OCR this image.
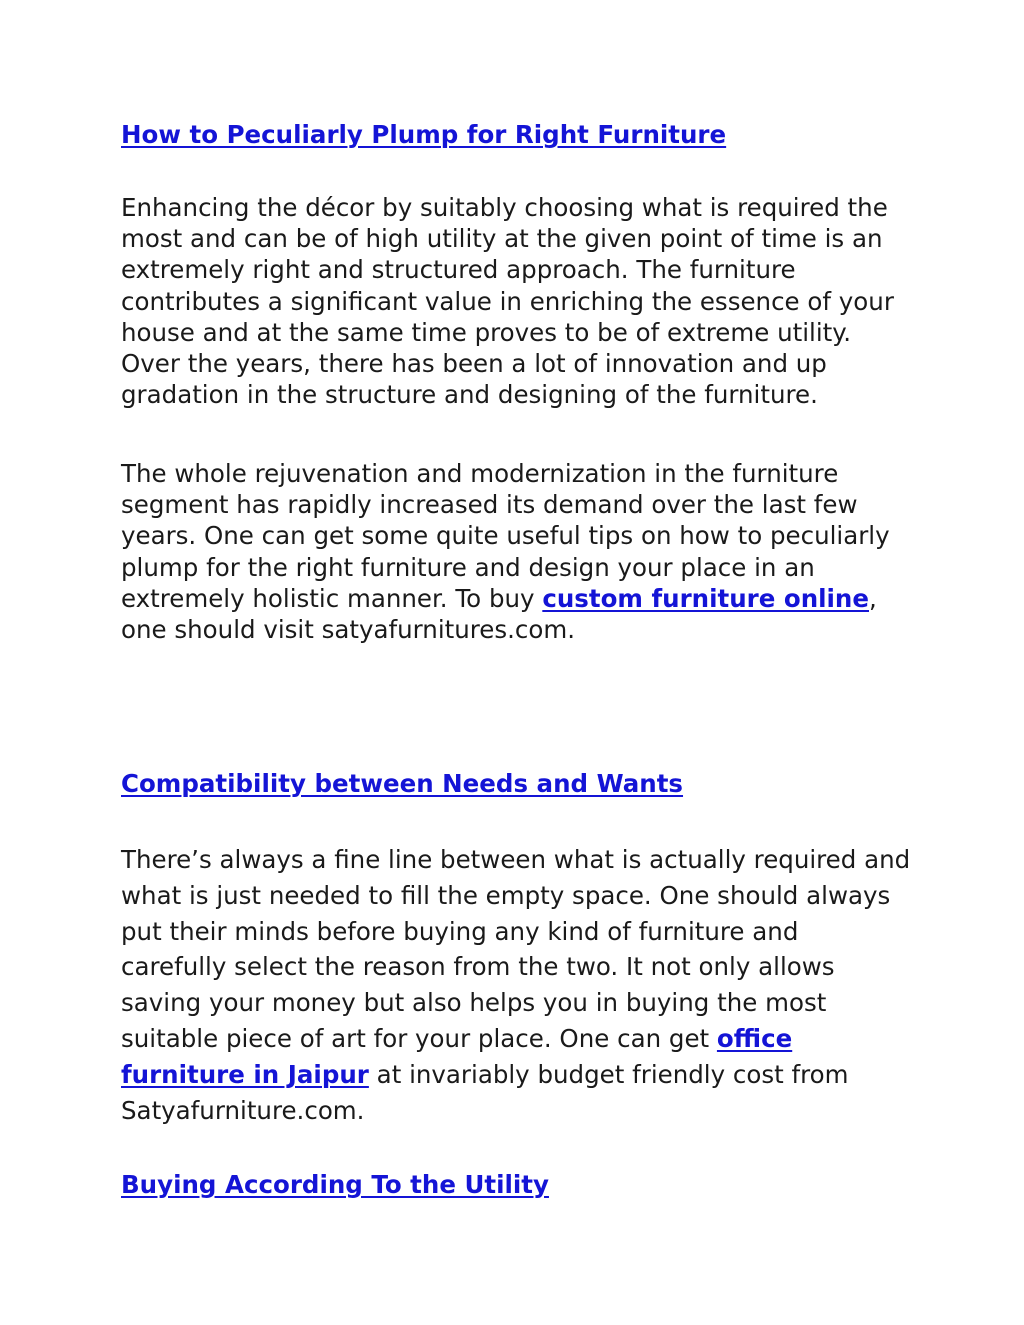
How to Peculiarly Plump for Right Furniture

Enhancing the décor by suitably choosing what is required the most and can be of high utility at the given point of time is an extremely right and structured approach. The furniture contributes a significant value in enriching the essence of your house and at the same time proves to be of extreme utility. Over the years, there has been a lot of innovation and up gradation in the structure and designing of the furniture.

The whole rejuvenation and modernization in the furniture segment has rapidly increased its demand over the last few years. One can get some quite useful tips on how to peculiarly plump for the right furniture and design your place in an extremely holistic manner. To buy custom furniture online, one should visit satyafurnitures.com.

Compatibility between Needs and Wants

There’s always a fine line between what is actually required and what is just needed to fill the empty space. One should always put their minds before buying any kind of furniture and carefully select the reason from the two. It not only allows saving your money but also helps you in buying the most suitable piece of art for your place. One can get office furniture in Jaipur at invariably budget friendly cost from Satyafurniture.com.

Buying According To the Utility
